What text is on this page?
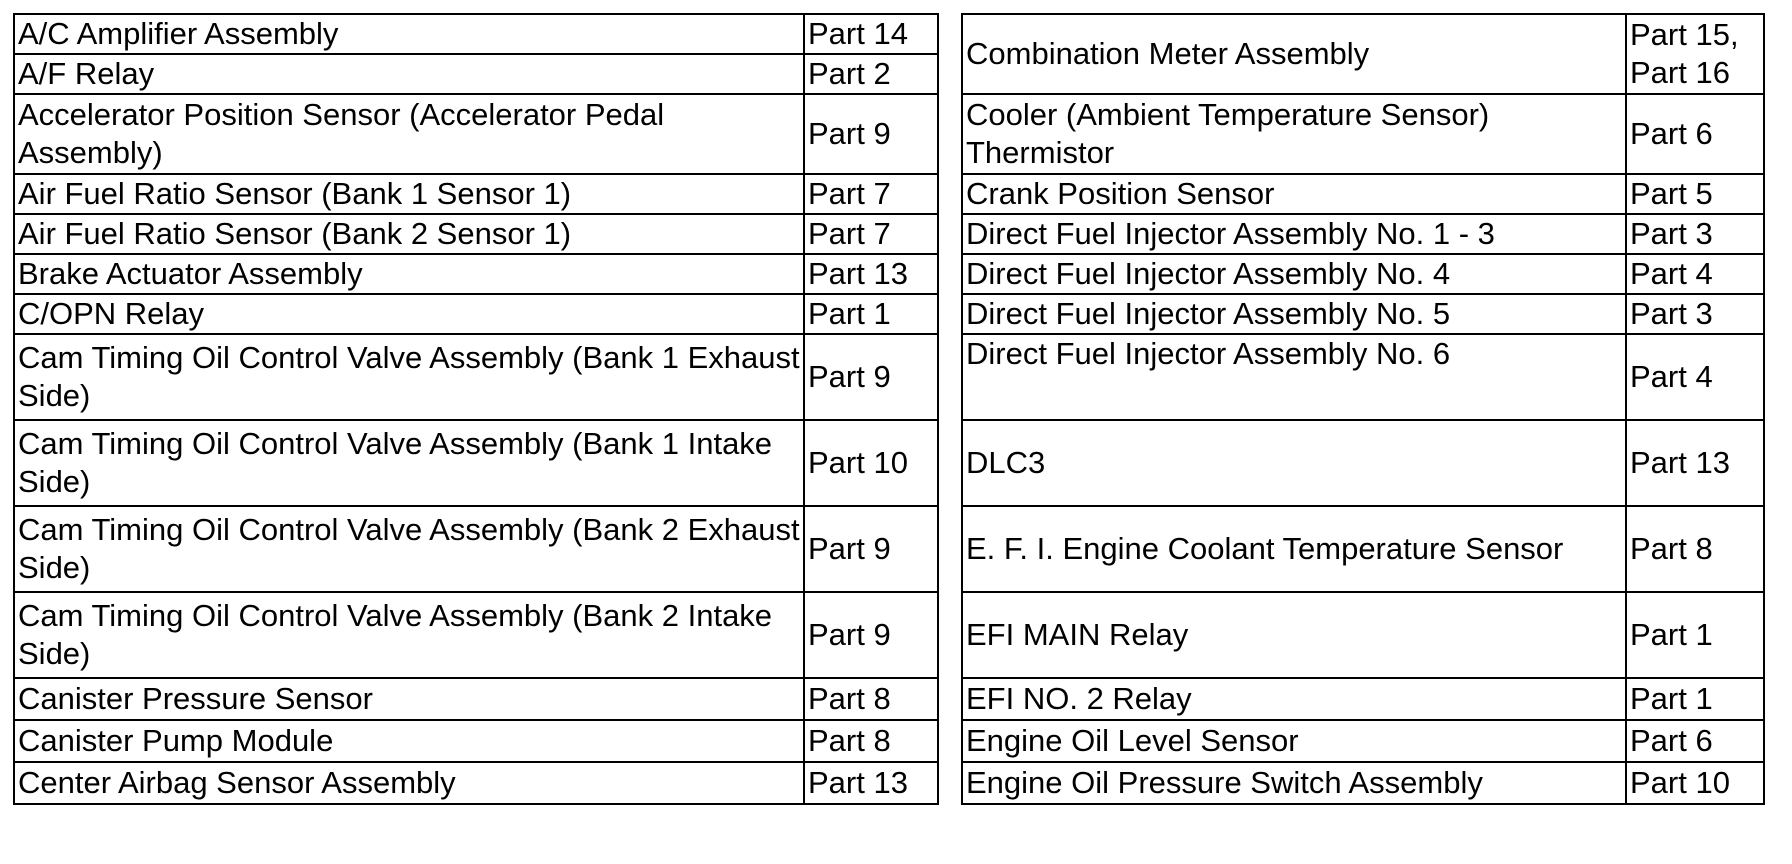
A/C Amplifier Assembly	Part 14
A/F Relay	Part 2
Accelerator Position Sensor (Accelerator Pedal Assembly)	Part 9
Air Fuel Ratio Sensor (Bank 1 Sensor 1)	Part 7
Air Fuel Ratio Sensor (Bank 2 Sensor 1)	Part 7
Brake Actuator Assembly	Part 13
C/OPN Relay	Part 1
Cam Timing Oil Control Valve Assembly (Bank 1 Exhaust Side)	Part 9
Cam Timing Oil Control Valve Assembly (Bank 1 Intake Side)	Part 10
Cam Timing Oil Control Valve Assembly (Bank 2 Exhaust Side)	Part 9
Cam Timing Oil Control Valve Assembly (Bank 2 Intake Side)	Part 9
Canister Pressure Sensor	Part 8
Canister Pump Module	Part 8
Center Airbag Sensor Assembly	Part 13
Combination Meter Assembly	Part 15, Part 16
Cooler (Ambient Temperature Sensor) Thermistor	Part 6
Crank Position Sensor	Part 5
Direct Fuel Injector Assembly No. 1 - 3	Part 3
Direct Fuel Injector Assembly No. 4	Part 4
Direct Fuel Injector Assembly No. 5	Part 3
Direct Fuel Injector Assembly No. 6	Part 4
DLC3	Part 13
E. F. I. Engine Coolant Temperature Sensor	Part 8
EFI MAIN Relay	Part 1
EFI NO. 2 Relay	Part 1
Engine Oil Level Sensor	Part 6
Engine Oil Pressure Switch Assembly	Part 10
